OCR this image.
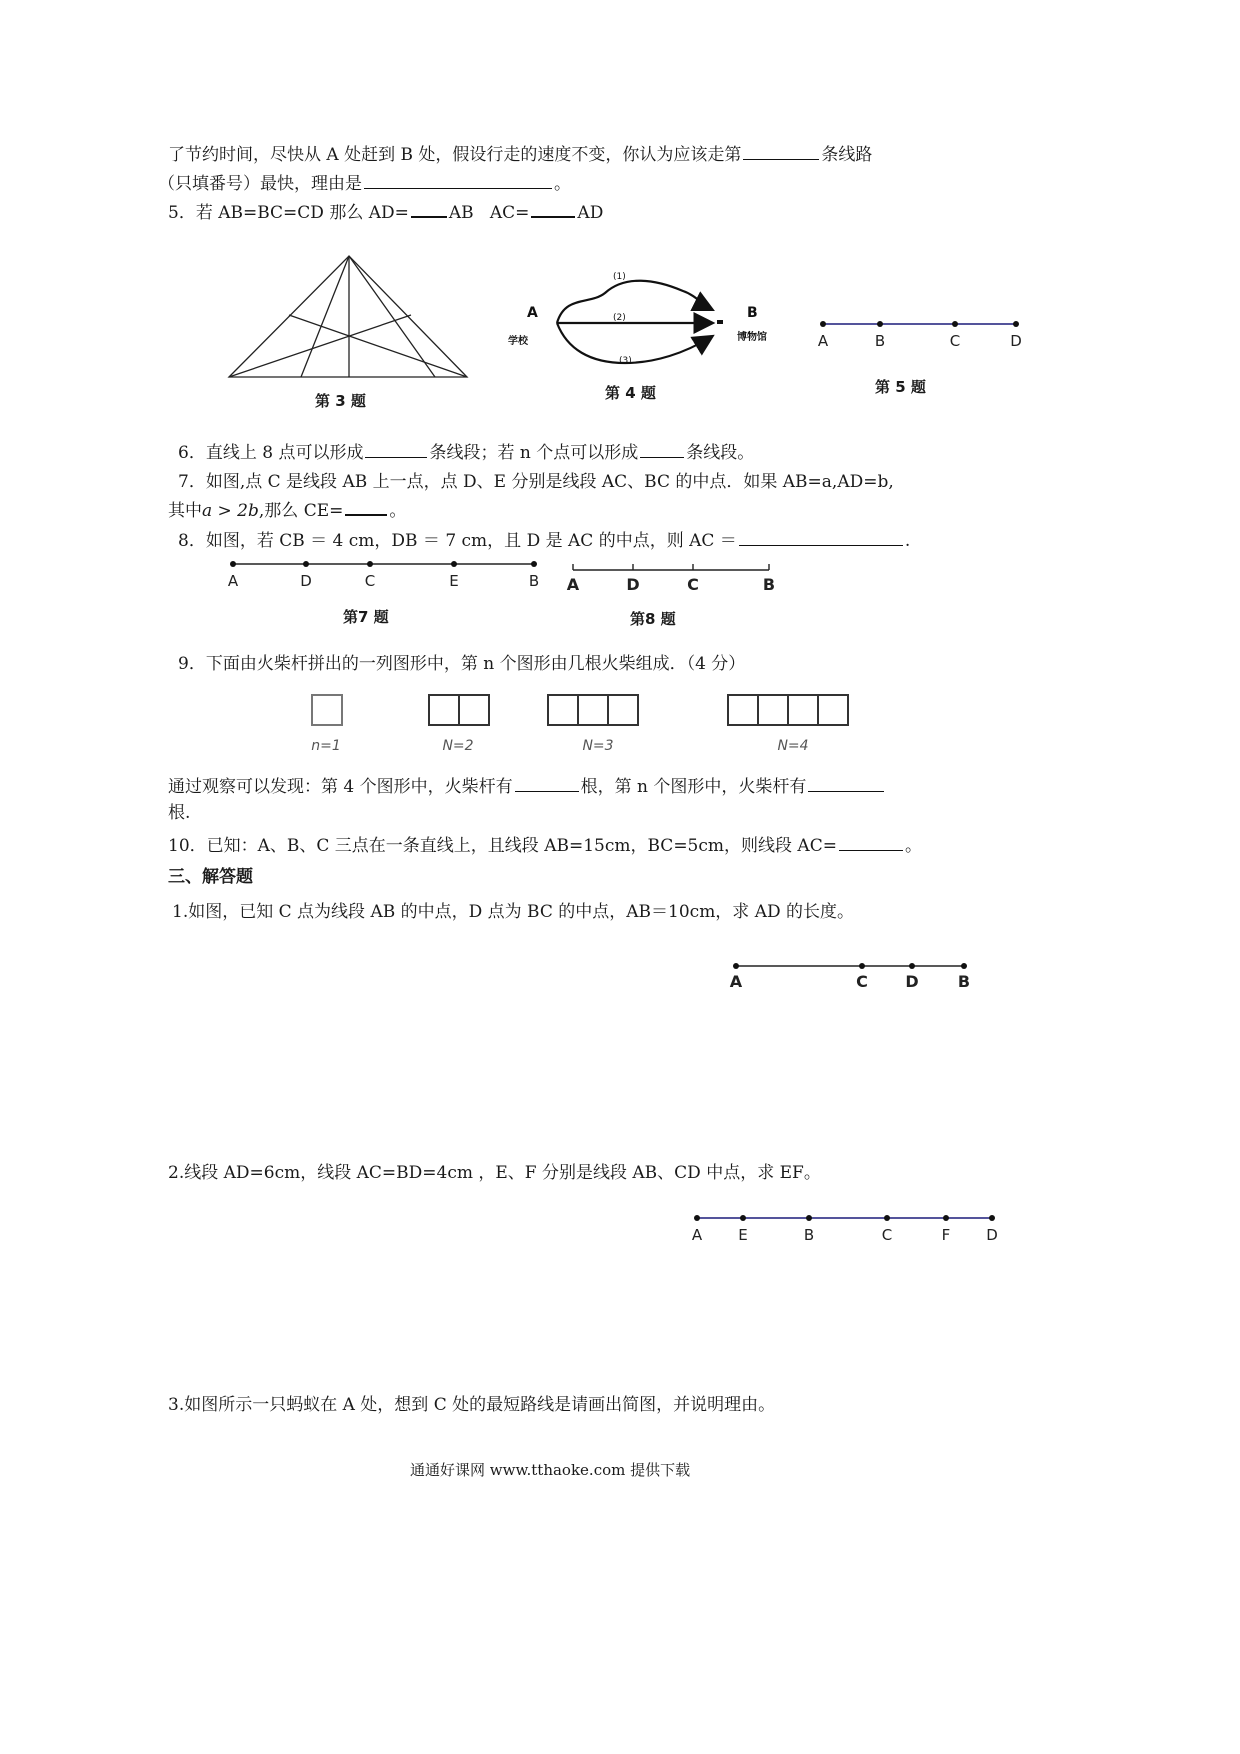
了节约时间，尽快从 A 处赶到 B 处，假设行走的速度不变，你认为应该走第	条线路
（只填番号）最快，理由是	。
5．若 AB=BC=CD 那么 AD= AB AC=	AD
第 3 题
A	B
学校	博物馆
(1)
(2)
(3)
第 4 题
A	B	C	D
第 5 题
6．直线上 8 点可以形成	条线段；若 n 个点可以形成	条线段。
7．如图,点 C 是线段 AB 上一点，点 D、E 分别是线段 AC、BC 的中点．如果 AB=a,AD=b,
其中a > 2b,那么 CE=	。
8．如图，若 CB ＝ 4 cm，DB ＝ 7 cm，且 D 是 AC 的中点，则 AC ＝	.
A	D	C	E	B
第7 题
A	D	C	B
第8 题
9．下面由火柴杆拼出的一列图形中，第 n 个图形由几根火柴组成．（4 分）
n=1	N=2	N=3	N=4
通过观察可以发现：第 4 个图形中，火柴杆有	根，第 n 个图形中，火柴杆有
根.
10．已知：A、B、C 三点在一条直线上，且线段 AB=15cm，BC=5cm，则线段 AC=	。
三、解答题
1.如图，已知 C 点为线段 AB 的中点，D 点为 BC 的中点，AB＝10cm，求 AD 的长度。
A	C D B
2.线段 AD=6cm，线段 AC=BD=4cm ，E、F 分别是线段 AB、CD 中点，求 EF。
A E	B	C	F D
3.如图所示一只蚂蚁在 A 处，想到 C 处的最短路线是请画出简图，并说明理由。
通通好课网 www.tthaoke.com 提供下载
